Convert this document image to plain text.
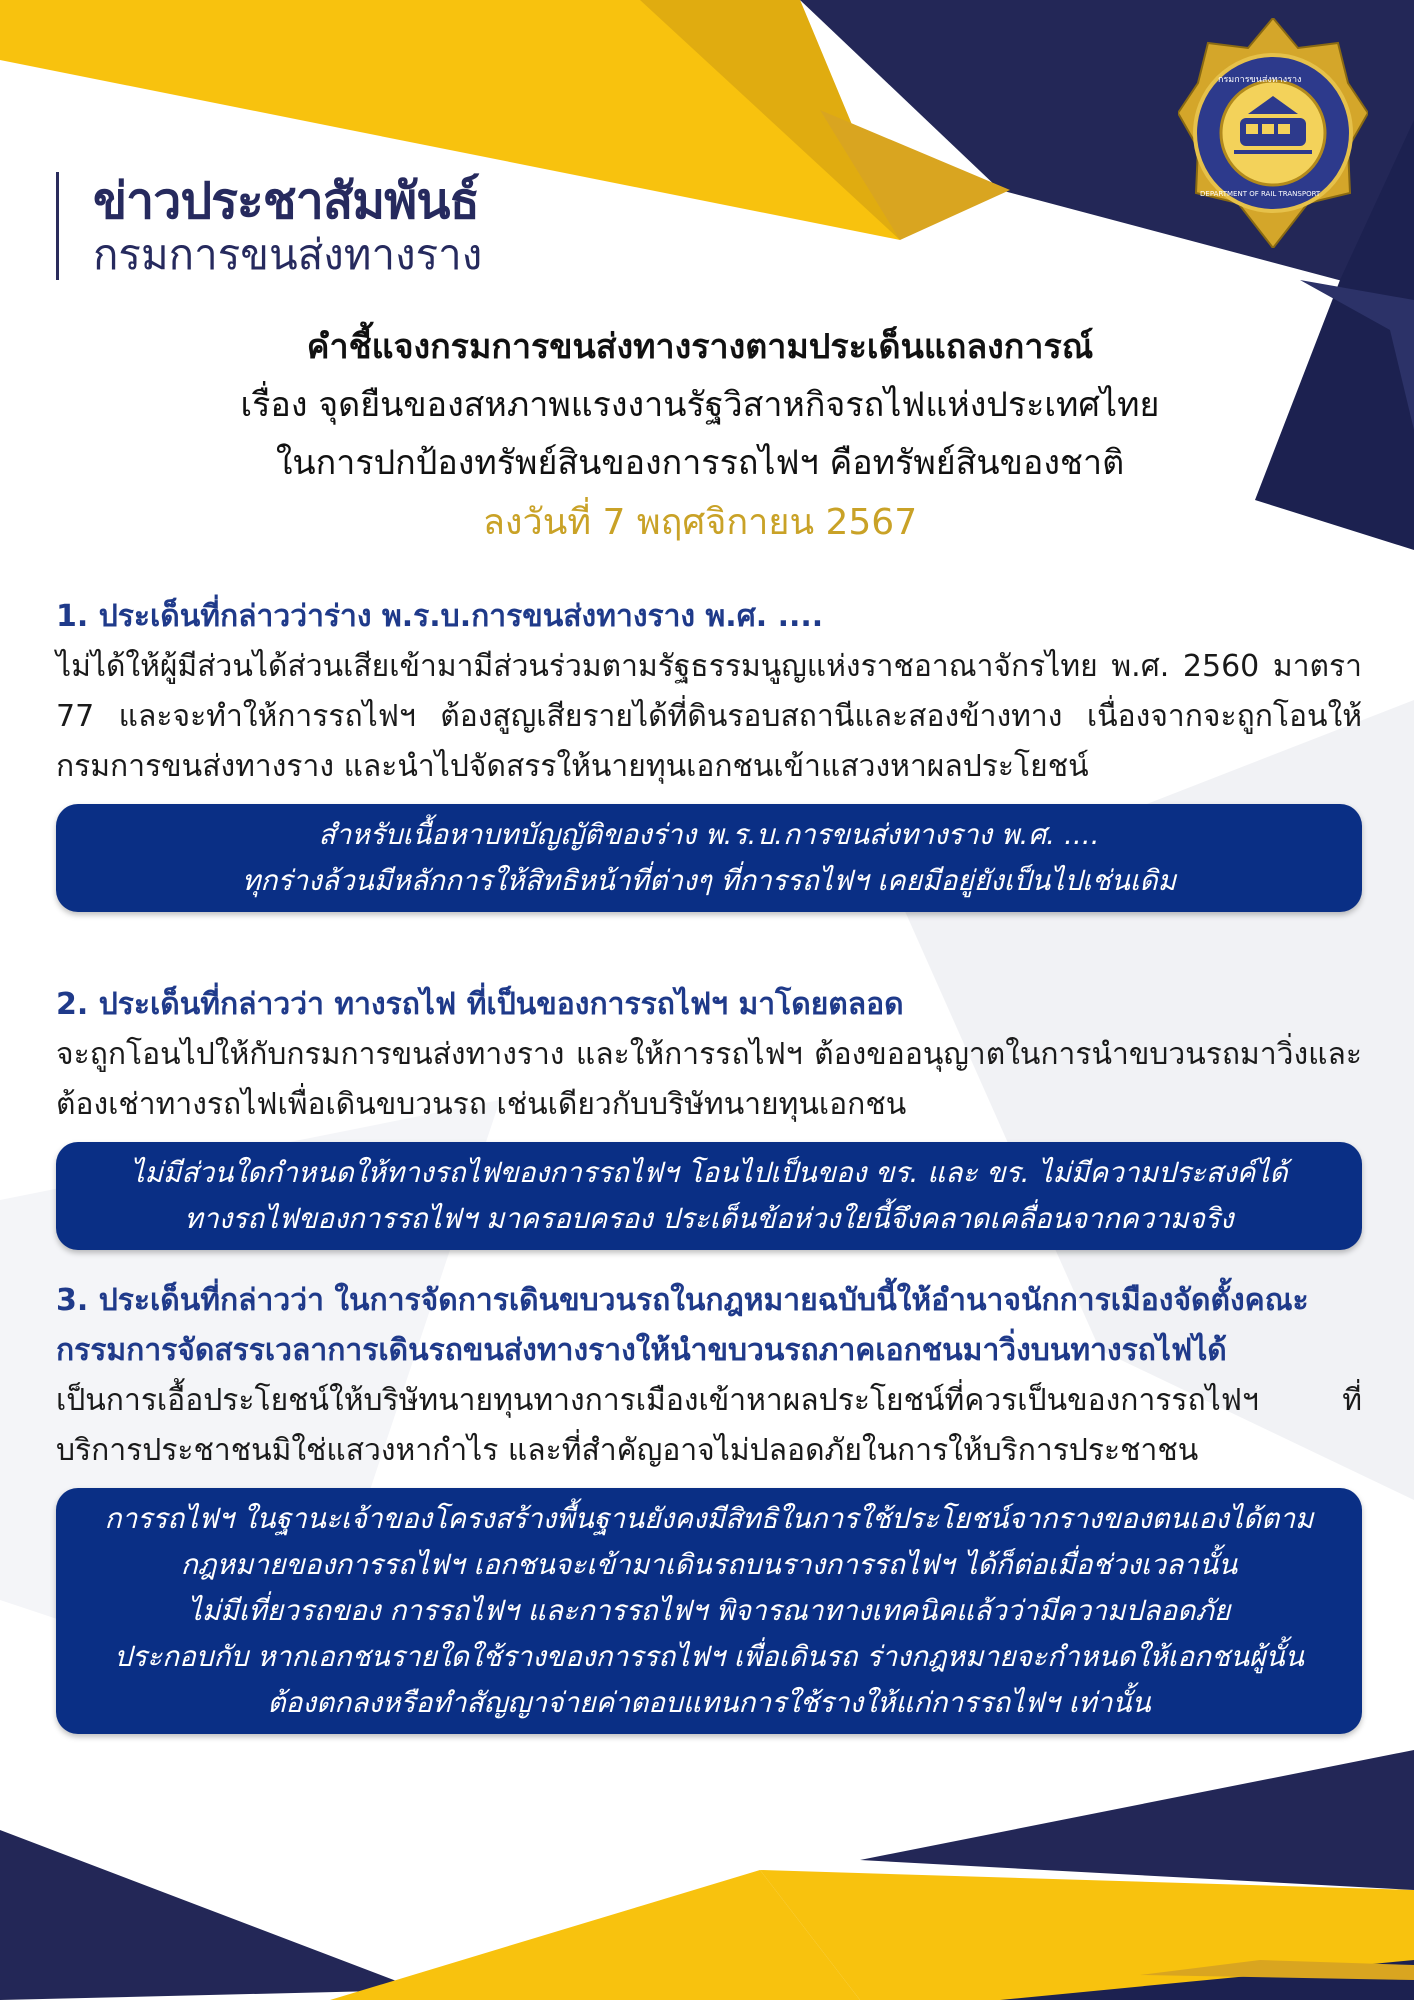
กรมการขนส่งทางราง
DEPARTMENT OF RAIL TRANSPORT
ข่าวประชาสัมพันธ์
กรมการขนส่งทางราง
คำชี้แจงกรมการขนส่งทางรางตามประเด็นแถลงการณ์
เรื่อง จุดยืนของสหภาพแรงงานรัฐวิสาหกิจรถไฟแห่งประเทศไทย
ในการปกป้องทรัพย์สินของการรถไฟฯ คือทรัพย์สินของชาติ
ลงวันที่ 7 พฤศจิกายน 2567
1. ประเด็นที่กล่าวว่าร่าง พ.ร.บ.การขนส่งทางราง พ.ศ. ....
ไม่ได้ให้ผู้มีส่วนได้ส่วนเสียเข้ามามีส่วนร่วมตามรัฐธรรมนูญแห่งราชอาณาจักรไทย พ.ศ. 2560 มาตรา 77 และจะทำให้การรถไฟฯ ต้องสูญเสียรายได้ที่ดินรอบสถานีและสองข้างทาง เนื่องจากจะถูกโอนให้กรมการขนส่งทางราง และนำไปจัดสรรให้นายทุนเอกชนเข้าแสวงหาผลประโยชน์
สำหรับเนื้อหาบทบัญญัติของร่าง พ.ร.บ.การขนส่งทางราง พ.ศ. ....
ทุกร่างล้วนมีหลักการให้สิทธิหน้าที่ต่างๆ ที่การรถไฟฯ เคยมีอยู่ยังเป็นไปเช่นเดิม
2. ประเด็นที่กล่าวว่า ทางรถไฟ ที่เป็นของการรถไฟฯ มาโดยตลอด
จะถูกโอนไปให้กับกรมการขนส่งทางราง และให้การรถไฟฯ ต้องขออนุญาตในการนำขบวนรถมาวิ่งและต้องเช่าทางรถไฟเพื่อเดินขบวนรถ เช่นเดียวกับบริษัทนายทุนเอกชน
ไม่มีส่วนใดกำหนดให้ทางรถไฟของการรถไฟฯ โอนไปเป็นของ ขร. และ ขร. ไม่มีความประสงค์ได้
ทางรถไฟของการรถไฟฯ มาครอบครอง ประเด็นข้อห่วงใยนี้จึงคลาดเคลื่อนจากความจริง
3. ประเด็นที่กล่าวว่า ในการจัดการเดินขบวนรถในกฎหมายฉบับนี้ให้อำนาจนักการเมืองจัดตั้งคณะกรรมการจัดสรรเวลาการเดินรถขนส่งทางรางให้นำขบวนรถภาคเอกชนมาวิ่งบนทางรถไฟได้
เป็นการเอื้อประโยชน์ให้บริษัทนายทุนทางการเมืองเข้าหาผลประโยชน์ที่ควรเป็นของการรถไฟฯ ที่บริการประชาชนมิใช่แสวงหากำไร และที่สำคัญอาจไม่ปลอดภัยในการให้บริการประชาชน
การรถไฟฯ ในฐานะเจ้าของโครงสร้างพื้นฐานยังคงมีสิทธิในการใช้ประโยชน์จากรางของตนเองได้ตาม
กฎหมายของการรถไฟฯ เอกชนจะเข้ามาเดินรถบนรางการรถไฟฯ ได้ก็ต่อเมื่อช่วงเวลานั้น
ไม่มีเที่ยวรถของ การรถไฟฯ และการรถไฟฯ พิจารณาทางเทคนิคแล้วว่ามีความปลอดภัย
ประกอบกับ หากเอกชนรายใดใช้รางของการรถไฟฯ เพื่อเดินรถ ร่างกฎหมายจะกำหนดให้เอกชนผู้นั้น
ต้องตกลงหรือทำสัญญาจ่ายค่าตอบแทนการใช้รางให้แก่การรถไฟฯ เท่านั้น
